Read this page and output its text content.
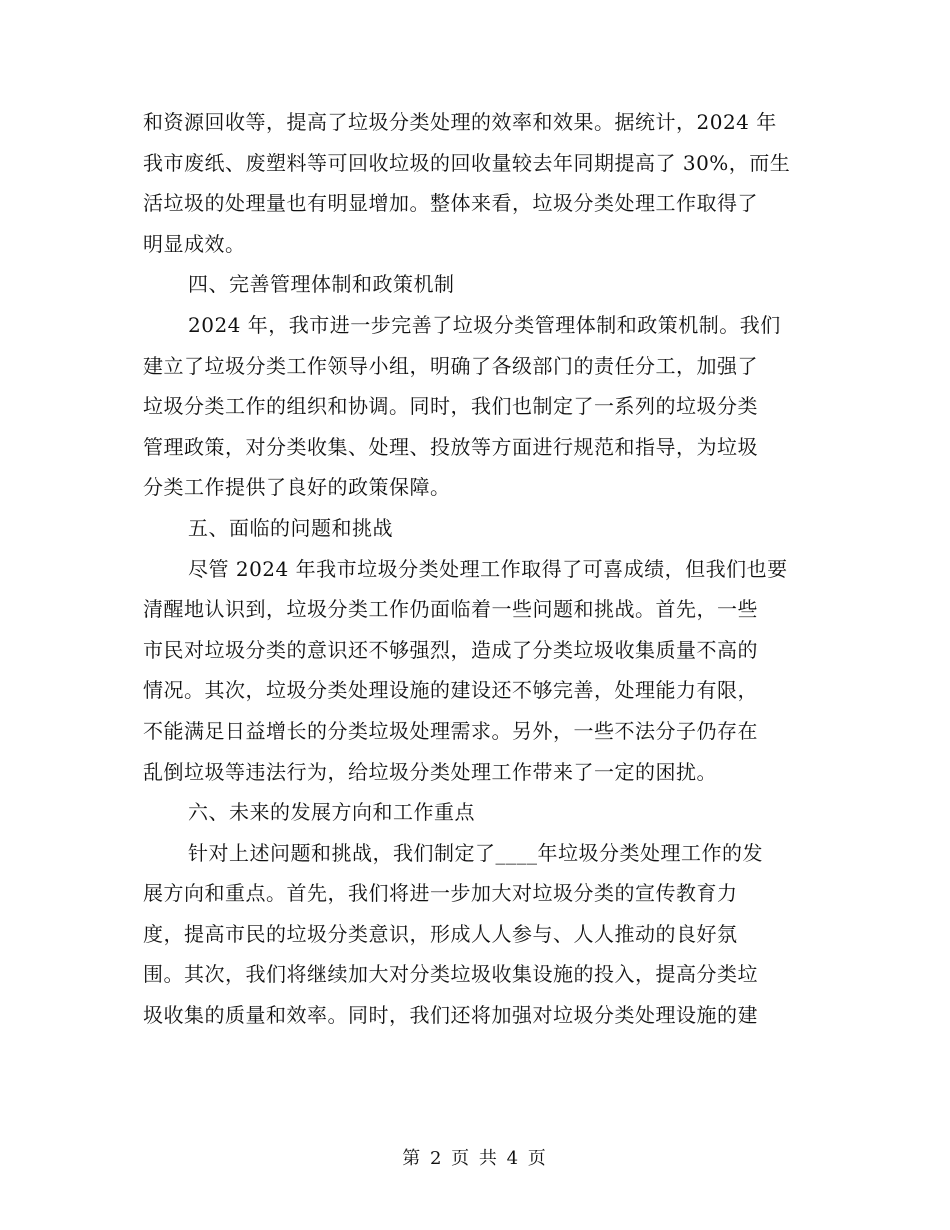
和资源回收等，提高了垃圾分类处理的效率和效果。据统计，2024 年
我市废纸、废塑料等可回收垃圾的回收量较去年同期提高了 30%，而生
活垃圾的处理量也有明显增加。整体来看，垃圾分类处理工作取得了
明显成效。
四、完善管理体制和政策机制
2024 年，我市进一步完善了垃圾分类管理体制和政策机制。我们
建立了垃圾分类工作领导小组，明确了各级部门的责任分工，加强了
垃圾分类工作的组织和协调。同时，我们也制定了一系列的垃圾分类
管理政策，对分类收集、处理、投放等方面进行规范和指导，为垃圾
分类工作提供了良好的政策保障。
五、面临的问题和挑战
尽管 2024 年我市垃圾分类处理工作取得了可喜成绩，但我们也要
清醒地认识到，垃圾分类工作仍面临着一些问题和挑战。首先，一些
市民对垃圾分类的意识还不够强烈，造成了分类垃圾收集质量不高的
情况。其次，垃圾分类处理设施的建设还不够完善，处理能力有限，
不能满足日益增长的分类垃圾处理需求。另外，一些不法分子仍存在
乱倒垃圾等违法行为，给垃圾分类处理工作带来了一定的困扰。
六、未来的发展方向和工作重点
针对上述问题和挑战，我们制定了____年垃圾分类处理工作的发
展方向和重点。首先，我们将进一步加大对垃圾分类的宣传教育力
度，提高市民的垃圾分类意识，形成人人参与、人人推动的良好氛
围。其次，我们将继续加大对分类垃圾收集设施的投入，提高分类垃
圾收集的质量和效率。同时，我们还将加强对垃圾分类处理设施的建
第 2 页 共 4 页
